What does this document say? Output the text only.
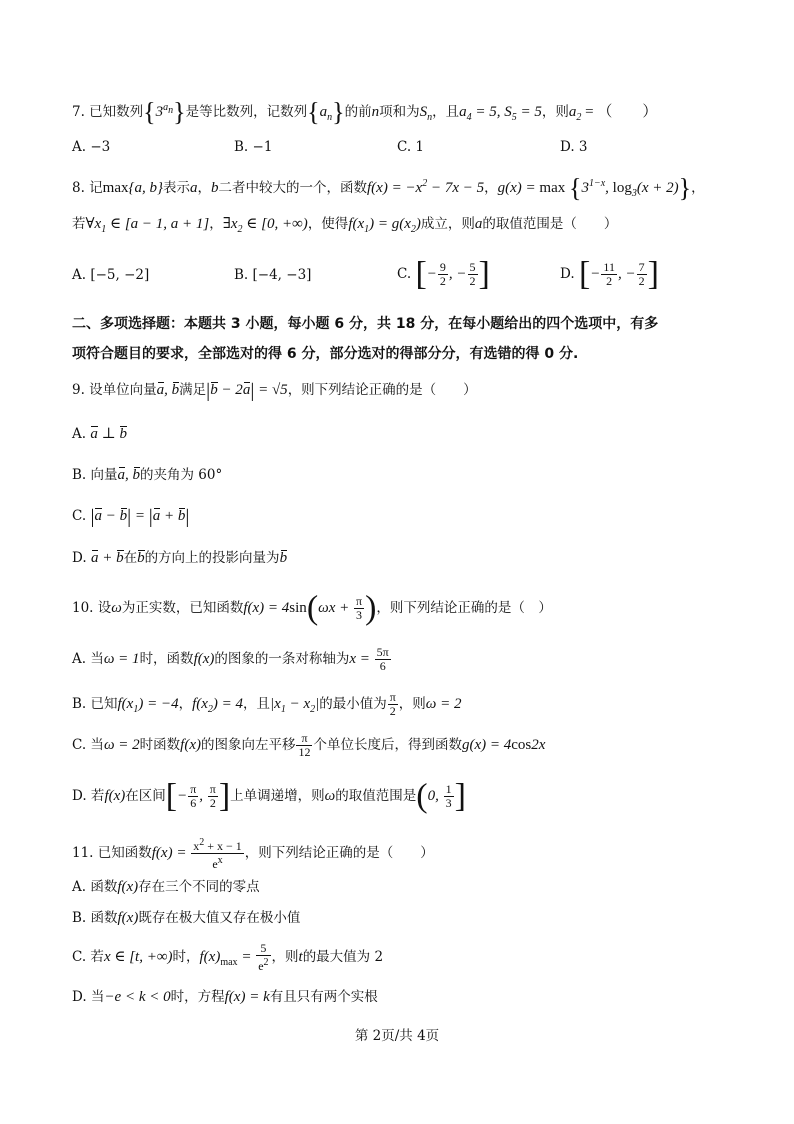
7. 已知数列$\{3^{a_n}\}$是等比数列，记数列$\{a_n\}$的前n项和为$S_n$，且$a_4 = 5$, $S_5 = 5$，则$a_2$ = （　　）
A. −3	B. −1	C. 1	D. 3
8. 记max{a, b}表示a，b二者中较大的一个，函数$f(x) = -x^2 - 7x - 5$，$g(x) = \max \{3^{1-x}$, $\log_3(x + 2)$}，
若$\forall x_1$ ∈ [a − 1, a + 1]，$\exists x_2$ ∈ [0, +∞)，使得$f(x_1) = g(x_2)$成立，则a的取值范围是（　　）
A. [−5, −2]	B. [−4, −3]	C. [− $\frac{9}{2}$ , − $\frac{5}{2}$ ]	D. [− $\frac{11}{2}$ , − $\frac{7}{2}$ ]
二、多项选择题：本题共 3 小题，每小题 6 分，共 18 分，在每小题给出的四个选项中，有多
项符合题目的要求，全部选对的得 6 分，部分选对的得部分分，有选错的得 0 分.
9. 设单位向量a, b满足|b − 2a| = √5，则下列结论正确的是（　　）
A. a ⊥ b
B. 向量a, b的夹角为 60°
C. |a − b| = |a + b|
D. a + b在b的方向上的投影向量为b
10. 设ω为正实数，已知函数$f(x) = 4\sin(\omega x + \frac{\pi}{3}$ )，则下列结论正确的是（　）
A. 当ω = 1时，函数f(x)的图象的一条对称轴为$x = \frac{5\pi}{6}$
B. 已知$f(x_1) = -4$，$f(x_2) = 4$，且$|x_1 - x_2|$的最小值为 $\frac{\pi}{2}$ ，则ω = 2
C. 当ω = 2时函数f(x)的图象向左平移 $\frac{\pi}{12}$ 个单位长度后，得到函数g(x) = 4cos2x
D. 若f(x)在区间[− $\frac{\pi}{6}$ , $\frac{\pi}{2}$ ]上单调递增，则ω的取值范围是(0, $\frac{1}{3}$ ]
11. 已知函数$f(x) = \frac{x^2 + x - 1}{e^x}$ ，则下列结论正确的是（　　）
A. 函数f(x)存在三个不同的零点
B. 函数f(x)既存在极大值又存在极小值
C. 若x ∈ [t, +∞)时，$f(x)_{max} = \frac{5}{e^2}$ ，则t的最大值为 2
D. 当−e < k < 0时，方程f(x) = k有且只有两个实根
第 2页/共 4页
